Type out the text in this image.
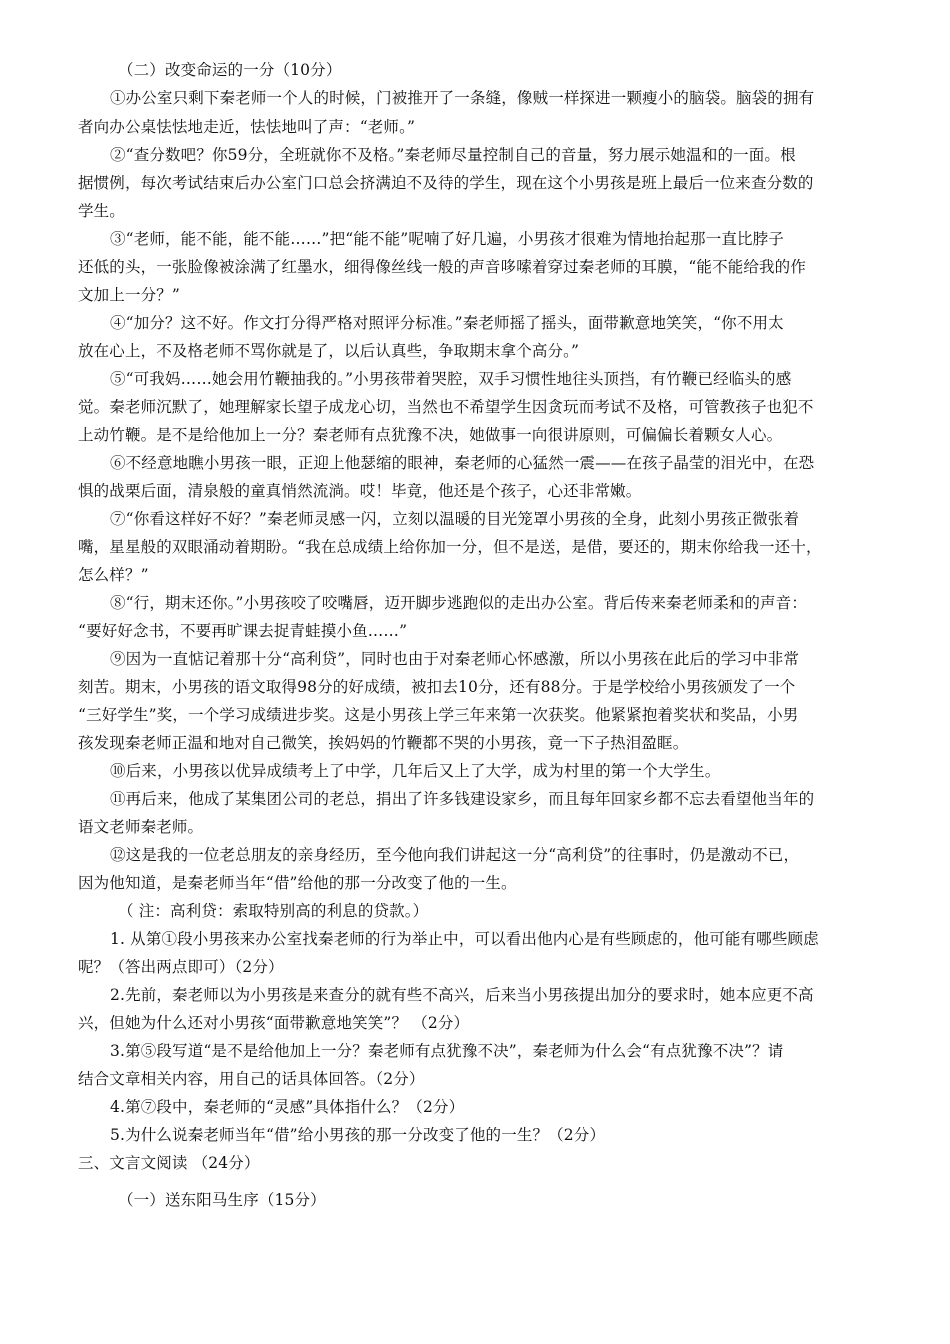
（二）改变命运的一分（10分）
①办公室只剩下秦老师一个人的时候，门被推开了一条缝，像贼一样探进一颗瘦小的脑袋。脑袋的拥有
者向办公桌怯怯地走近，怯怯地叫了声：“老师。”
②“查分数吧？你59分，全班就你不及格。”秦老师尽量控制自己的音量，努力展示她温和的一面。根
据惯例，每次考试结束后办公室门口总会挤满迫不及待的学生，现在这个小男孩是班上最后一位来查分数的
学生。
③“老师，能不能，能不能……”把“能不能”呢喃了好几遍，小男孩才很难为情地抬起那一直比脖子
还低的头，一张脸像被涂满了红墨水，细得像丝线一般的声音哆嗦着穿过秦老师的耳膜，“能不能给我的作
文加上一分？”
④“加分？这不好。作文打分得严格对照评分标准。”秦老师摇了摇头，面带歉意地笑笑，“你不用太
放在心上，不及格老师不骂你就是了，以后认真些，争取期末拿个高分。”
⑤“可我妈……她会用竹鞭抽我的。”小男孩带着哭腔，双手习惯性地往头顶挡，有竹鞭已经临头的感
觉。秦老师沉默了，她理解家长望子成龙心切，当然也不希望学生因贪玩而考试不及格，可管教孩子也犯不
上动竹鞭。是不是给他加上一分？秦老师有点犹豫不决，她做事一向很讲原则，可偏偏长着颗女人心。
⑥不经意地瞧小男孩一眼，正迎上他瑟缩的眼神，秦老师的心猛然一震——在孩子晶莹的泪光中，在恐
惧的战栗后面，清泉般的童真悄然流淌。哎！毕竟，他还是个孩子，心还非常嫩。
⑦“你看这样好不好？”秦老师灵感一闪，立刻以温暖的目光笼罩小男孩的全身，此刻小男孩正微张着
嘴，星星般的双眼涌动着期盼。“我在总成绩上给你加一分，但不是送，是借，要还的，期末你给我一还十，
怎么样？”
⑧“行，期末还你。”小男孩咬了咬嘴唇，迈开脚步逃跑似的走出办公室。背后传来秦老师柔和的声音：
“要好好念书，不要再旷课去捉青蛙摸小鱼……”
⑨因为一直惦记着那十分“高利贷”，同时也由于对秦老师心怀感激，所以小男孩在此后的学习中非常
刻苦。期末，小男孩的语文取得98分的好成绩，被扣去10分，还有88分。于是学校给小男孩颁发了一个
“三好学生”奖，一个学习成绩进步奖。这是小男孩上学三年来第一次获奖。他紧紧抱着奖状和奖品，小男
孩发现秦老师正温和地对自己微笑，挨妈妈的竹鞭都不哭的小男孩，竟一下子热泪盈眶。
⑩后来，小男孩以优异成绩考上了中学，几年后又上了大学，成为村里的第一个大学生。
⑪再后来，他成了某集团公司的老总，捐出了许多钱建设家乡，而且每年回家乡都不忘去看望他当年的
语文老师秦老师。
⑫这是我的一位老总朋友的亲身经历，至今他向我们讲起这一分“高利贷”的往事时，仍是激动不已，
因为他知道，是秦老师当年“借”给他的那一分改变了他的一生。
（ 注：高利贷：索取特别高的利息的贷款。）
1. 从第①段小男孩来办公室找秦老师的行为举止中，可以看出他内心是有些顾虑的，他可能有哪些顾虑
呢？（答出两点即可）（2分）
2.先前，秦老师以为小男孩是来查分的就有些不高兴，后来当小男孩提出加分的要求时，她本应更不高
兴，但她为什么还对小男孩“面带歉意地笑笑”？ （2分）
3.第⑤段写道“是不是给他加上一分？秦老师有点犹豫不决”，秦老师为什么会“有点犹豫不决”？请
结合文章相关内容，用自己的话具体回答。（2分）
4.第⑦段中，秦老师的“灵感”具体指什么？（2分）
5.为什么说秦老师当年“借”给小男孩的那一分改变了他的一生？（2分）
三、文言文阅读 （24分）
（一）送东阳马生序（15分）
